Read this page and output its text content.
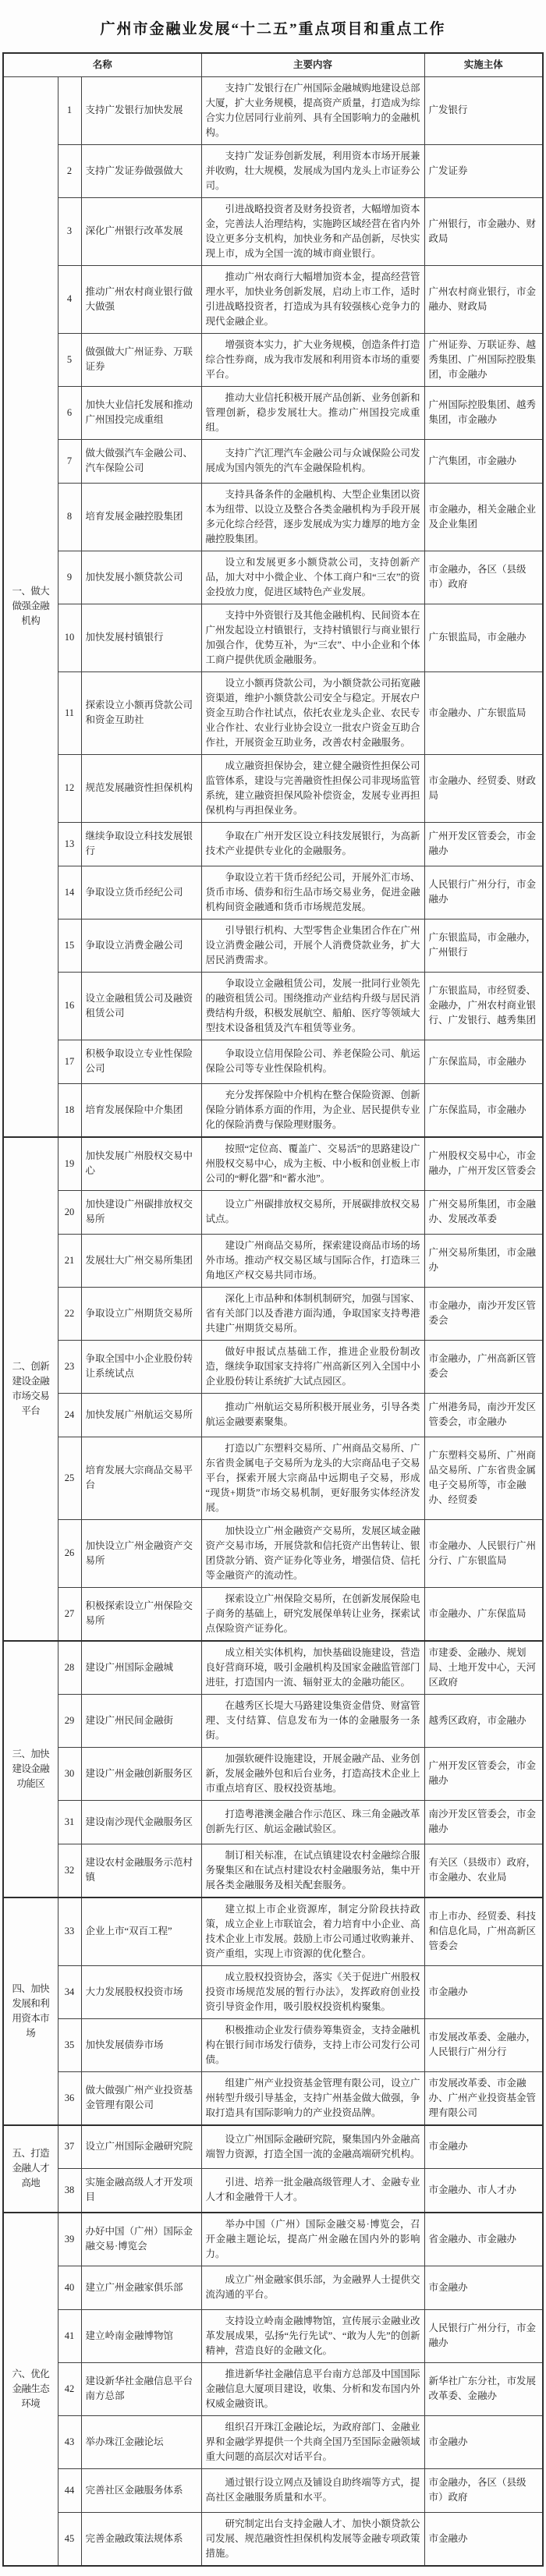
广州市金融业发展“十二五”重点项目和重点工作
名称			主要内容	实施主体
一、做大做强金融机构	1	支持广发银行加快发展	支持广发银行在广州国际金融城购地建设总部大厦，扩大业务规模，提高资产质量，打造成为综合实力位居同行业前列、具有全国影响力的金融机构。	广发银行
	2	支持广发证券做强做大	支持广发证券创新发展，利用资本市场开展兼并收购，壮大规模，发展成为国内龙头上市证券公司。	广发证券
	3	深化广州银行改革发展	引进战略投资者及财务投资者，大幅增加资本金，完善法人治理结构，实施跨区域经营在省内外设立更多分支机构，加快业务和产品创新，尽快实现上市，成为全国一流的城市商业银行。	广州银行，市金融办、财政局
	4	推动广州农村商业银行做大做强	推动广州农商行大幅增加资本金，提高经营管理水平，加快业务创新发展，启动上市工作，适时引进战略投资者，打造成为具有较强核心竞争力的现代金融企业。	广州农村商业银行，市金融办、财政局
	5	做强做大广州证券、万联证券	增强资本实力，扩大业务规模，创造条件打造综合性券商，成为我市发展和利用资本市场的重要平台。	广州证券、万联证券、越秀集团、广州国际控股集团，市金融办
	6	加快大业信托发展和推动广州国投完成重组	推动大业信托积极开展产品创新、业务创新和管理创新，稳步发展壮大。推动广州国投完成重组。	广州国际控股集团、越秀集团，市金融办
	7	做大做强汽车金融公司、汽车保险公司	支持广汽汇理汽车金融公司与众诚保险公司发展成为国内领先的汽车金融保险机构。	广汽集团，市金融办
	8	培育发展金融控股集团	支持具备条件的金融机构、大型企业集团以资本为纽带、以设立及整合各类金融机构为手段开展多元化综合经营，逐步发展成为实力雄厚的地方金融控股集团。	市金融办，相关金融企业及企业集团
	9	加快发展小额贷款公司	设立和发展更多小额贷款公司，支持创新产品，加大对中小微企业、个体工商户和“三农”的资金投放力度，促进区域特色产业发展。	市金融办，各区（县级市）政府
	10	加快发展村镇银行	支持中外资银行及其他金融机构、民间资本在广州发起设立村镇银行，支持村镇银行与商业银行加强合作，优势互补，为“三农”、中小企业和个体工商户提供优质金融服务。	广东银监局，市金融办
	11	探索设立小额再贷款公司和资金互助社	设立小额再贷款公司，为小额贷款公司拓宽融资渠道，维护小额贷款公司安全与稳定。开展农户资金互助合作社试点，依托农业龙头企业、农民专业合作社、农业行业协会设立一批农户资金互助合作社，开展资金互助业务，改善农村金融服务。	市金融办、广东银监局
	12	规范发展融资性担保机构	成立融资担保协会，建立健全融资性担保公司监管体系，建设与完善融资性担保公司非现场监管系统，建立融资担保风险补偿资金，发展专业再担保机构与再担保业务。	市金融办、经贸委、财政局
	13	继续争取设立科技发展银行	争取在广州开发区设立科技发展银行，为高新技术产业提供专业化的金融服务。	广州开发区管委会，市金融办
	14	争取设立货币经纪公司	争取设立若干货币经纪公司，开展外汇市场、货币市场、债券和衍生品市场交易业务，促进金融机构间资金融通和货币市场规范发展。	人民银行广州分行，市金融办
	15	争取设立消费金融公司	引导银行机构、大型零售企业集团合作在广州设立消费金融公司，开展个人消费贷款业务，扩大居民消费需求。	广东银监局，市金融办，广州银行
	16	设立金融租赁公司及融资租赁公司	争取设立金融租赁公司，发展一批同行业领先的融资租赁公司。围绕推动产业结构升级与居民消费结构升级，积极发展航空、船舶、医疗等领域大型技术设备租赁及汽车租赁等业务。	广东银监局，市经贸委、金融办，广州农村商业银行、广发银行、越秀集团
	17	积极争取设立专业性保险公司	争取设立信用保险公司、养老保险公司、航运保险公司等专业性保险机构。	广东保监局，市金融办
	18	培育发展保险中介集团	充分发挥保险中介机构在整合保险资源、创新保险分销体系方面的作用，为企业、居民提供专业化的保险消费与保险理财服务。	广东保监局，市金融办
二、创新建设金融市场交易平台	19	加快发展广州股权交易中心	按照“定位高、覆盖广、交易活”的思路建设广州股权交易中心，成为主板、中小板和创业板上市公司的“孵化器”和“蓄水池”。	广州股权交易中心，市金融办，广州开发区管委会
	20	加快建设广州碳排放权交易所	设立广州碳排放权交易所，开展碳排放权交易试点。	广州交易所集团，市金融办、发展改革委
	21	发展壮大广州交易所集团	建设广州商品交易所，探索建设商品市场的场外市场。推动产权交易区域与国际合作，打造珠三角地区产权交易共同市场。	广州交易所集团，市金融办
	22	争取设立广州期货交易所	深化上市品种和体制机制研究，加强与国家、省有关部门以及香港方面沟通，争取国家支持粤港共建广州期货交易所。	市金融办，南沙开发区管委会
	23	争取全国中小企业股份转让系统试点	做好申报试点基础工作，推进企业股份制改造，继续争取国家支持将广州高新区列入全国中小企业股份转让系统扩大试点园区。	市金融办，广州高新区管委会
	24	加快发展广州航运交易所	推动广州航运交易所积极开展业务，引导各类航运金融要素聚集。	广州港务局，南沙开发区管委会，市金融办
	25	培育发展大宗商品交易平台	打造以广东塑料交易所、广州商品交易所、广东省贵金属电子交易所为龙头的大宗商品电子交易平台，探索开展大宗商品中远期电子交易，形成“现货+期货”市场交易机制，更好服务实体经济发展。	广东塑料交易所、广州商品交易所、广东省贵金属电子交易所等，市金融办、经贸委
	26	加快设立广州金融资产交易所	加快设立广州金融资产交易所，发展区域金融资产交易市场，开展贷款和信托资产出售转让、银团贷款分销、资产证券化等业务，增强信贷、信托等金融资产的流动性。	市金融办、人民银行广州分行、广东银监局
	27	积极探索设立广州保险交易所	探索设立广州保险交易所，在创新发展保险电子商务的基础上，研究发展保单转让业务，探索试点保险资产证券化。	市金融办、广东保监局
三、加快建设金融功能区	28	建设广州国际金融城	成立相关实体机构，加快基础设施建设，营造良好营商环境，吸引金融机构及国家金融监管部门进驻，打造国内一流、辐射亚太的金融功能区。	市建委、金融办、规划局、土地开发中心，天河区政府
	29	建设广州民间金融街	在越秀区长堤大马路建设集资金借贷、财富管理、支付结算、信息发布为一体的金融服务一条街。	越秀区政府，市金融办
	30	建设广州金融创新服务区	加强软硬件设施建设，开展金融产品、业务创新，发展金融外包和后台业务，打造高技术企业上市重点培育区、股权投资基地。	广州开发区管委会，市金融办
	31	建设南沙现代金融服务区	打造粤港澳金融合作示范区、珠三角金融改革创新先行区、航运金融试验区。	南沙开发区管委会，市金融办
	32	建设农村金融服务示范村镇	制订相关标准，在试点镇建设农村金融综合服务聚集区和在试点村建设农村金融服务站，集中开展各类金融服务及相关配套服务。	有关区（县级市）政府，市金融办、农业局
四、加快发展和利用资本市场	33	企业上市“双百工程”	建立拟上市企业资源库，制定分阶段扶持政策，成立企业上市联谊会，着力培育中小企业、高技术企业上市发展。鼓励上市公司通过收购兼并、资产重组，实现上市资源的优化整合。	市上市办、经贸委、科技和信息化局，广州高新区管委会
	34	大力发展股权投资市场	成立股权投资协会，落实《关于促进广州股权投资市场规范发展的暂行办法》，发挥政府创业投资引导资金作用，吸引股权投资机构聚集。	市金融办
	35	加快发展债券市场	积极推动企业发行债券筹集资金，支持金融机构在银行间市场发行债券，支持上市公司发行公司债。	市发展改革委、金融办，人民银行广州分行
	36	做大做强广州产业投资基金管理有限公司	组建广州产业投资基金管理有限公司，设立广州转型升级引导基金，支持广州基金做大做强，争取打造具有国际影响力的产业投资品牌。	市发展改革委、市金融办、广州产业投资基金管理有限公司
五、打造金融人才高地	37	设立广州国际金融研究院	设立广州国际金融研究院，聚集国内外金融高端智力资源，打造全国一流的金融高端研究机构。	市金融办
	38	实施金融高级人才开发项目	引进、培养一批金融高级管理人才、金融专业人才和金融骨干人才。	市金融办、市人才办
六、优化金融生态环境	39	办好中国（广州）国际金融交易·博览会	举办中国（广州）国际金融交易·博览会，召开金融主题论坛，提高广州金融在国内外的影响力。	省金融办、市金融办
	40	建立广州金融家俱乐部	成立广州金融家俱乐部，为金融界人士提供交流沟通的平台。	市金融办
	41	建立岭南金融博物馆	支持设立岭南金融博物馆，宣传展示金融业改革发展成果，弘扬“先行先试”、“敢为人先”的创新精神，营造良好的金融文化。	人民银行广州分行，市金融办
	42	建设新华社金融信息平台南方总部	推进新华社金融信息平台南方总部及中国国际金融信息大厦项目建设，收集、分析和发布国内外权威金融资讯。	新华社广东分社，市发展改革委、金融办
	43	举办珠江金融论坛	组织召开珠江金融论坛，为政府部门、金融业界和金融学界提供一个共商全国乃至国际金融领域重大问题的高层次对话平台。	市金融办
	44	完善社区金融服务体系	通过银行设立网点及铺设自助终端等方式，提高社区金融服务质量和水平。	市金融办，各区（县级市）政府
	45	完善金融政策法规体系	研究制定出台支持金融人才、加快小额贷款公司发展、规范融资性担保机构发展等金融专项政策措施。	市金融办
